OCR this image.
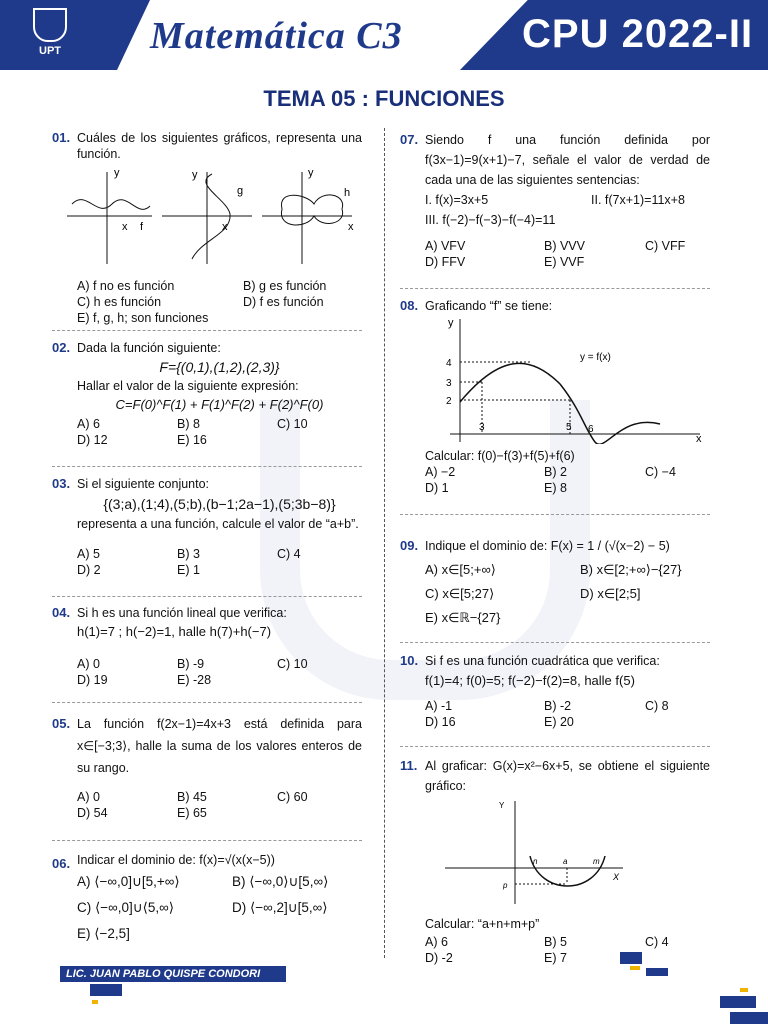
UPT Matemática C3	CPU 2022-II
TEMA 05 : FUNCIONES
01. Cuáles de los siguientes gráficos, representa una función.
y
x f
y
x
g
y
x
h
A) f no es función	B) g es función
C) h es función	D) f es función
E) f, g, h; son funciones
02. Dada la función siguiente:
F={(0,1),(1,2),(2,3)}
Hallar el valor de la siguiente expresión:
C=F(0)^F(1) + F(1)^F(2) + F(2)^F(0)
A) 6	B) 8	C) 10
D) 12	E) 16
03. Si el siguiente conjunto:
{(3;a),(1;4),(5;b),(b−1;2a−1),(5;3b−8)}
representa a una función, calcule el valor de “a+b”.
A) 5	B) 3	C) 4
D) 2	E) 1
04. Si h es una función lineal que verifica:
h(1)=7 ; h(−2)=1, halle h(7)+h(−7)
A) 0	B) -9	C) 10
D) 19	E) -28
05. La función f(2x−1)=4x+3 está definida para x∈[−3;3⟩, halle la suma de los valores enteros de su rango.
A) 0	B) 45	C) 60
D) 54	E) 65
06. Indicar el dominio de: f(x)=√(x(x−5))
A) ⟨−∞,0]∪[5,+∞⟩	B) ⟨−∞,0⟩∪[5,∞⟩
C) ⟨−∞,0]∪⟨5,∞⟩	D) ⟨−∞,2]∪[5,∞⟩
E) ⟨−2,5]
07. Siendo f una función definida por f(3x−1)=9(x+1)−7, señale el valor de verdad de cada una de las siguientes sentencias:
I. f(x)=3x+5	II. f(7x+1)=11x+8
III. f(−2)−f(−3)−f(−4)=11
A) VFV	B) VVV	C) VFF
D) FFV	E) VVF
08. Graficando “f” se tiene:
y
x
y = f(x)
4
3
2
3	5 6
Calcular: f(0)−f(3)+f(5)+f(6)
A) −2	B) 2	C) −4
D) 1	E) 8
09. Indique el dominio de: F(x) = 1 / (√(x−2) − 5)
A) x∈[5;+∞⟩	B) x∈[2;+∞⟩−{27}
C) x∈[5;27⟩	D) x∈[2;5]
E) x∈ℝ−{27}
10. Si f es una función cuadrática que verifica:
f(1)=4; f(0)=5; f(−2)−f(2)=8, halle f(5)
A) -1	B) -2	C) 8
D) 16	E) 20
11. Al graficar: G(x)=x²−6x+5, se obtiene el siguiente gráfico:
Y
X
n	a	m
p
Calcular: “a+n+m+p”
A) 6	B) 5	C) 4
D) -2	E) 7
LIC. JUAN PABLO QUISPE CONDORI
